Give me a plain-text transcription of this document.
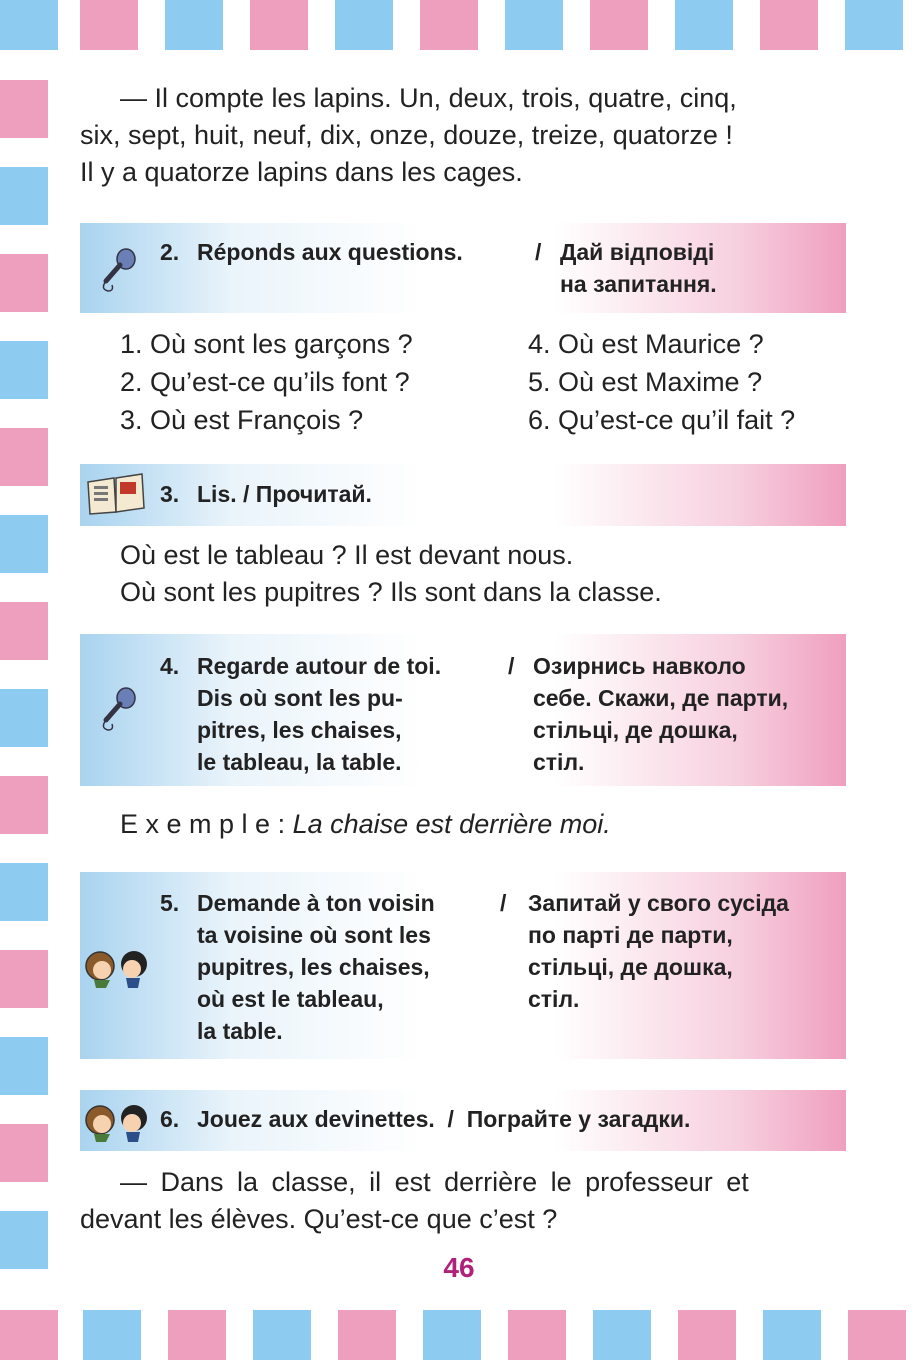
— Il compte les lapins. Un, deux, trois, quatre, cinq,
six, sept, huit, neuf, dix, onze, douze, treize, quatorze !
Il y a quatorze lapins dans les cages.
2. Réponds aux questions.	/ Дай відповіді
на запитання.
1. Où sont les garçons ?
2. Qu’est-ce qu’ils font ?
3. Où est François ?
4. Où est Maurice ?
5. Où est Maxime ?
6. Qu’est-ce qu’il fait ?
3. Lis. / Прочитай.
Où est le tableau ? Il est devant nous.
Où sont les pupitres ? Ils sont dans la classe.
4. Regarde autour de toi.
Dis où sont les pu-
pitres, les chaises,
le tableau, la table.
/ Озирнись навколо
себе. Скажи, де парти,
стільці, де дошка,
стіл.
E x e m p l e : La chaise est derrière moi.
5. Demande à ton voisin
ta voisine où sont les
pupitres, les chaises,
où est le tableau,
la table.
/ Запитай у свого сусіда
по парті де парти,
стільці, де дошка,
стіл.
6. Jouez aux devinettes.  /  Пограйте у загадки.
— Dans la classe, il est derrière le professeur et
devant les élèves. Qu’est-ce que c’est ?
46
